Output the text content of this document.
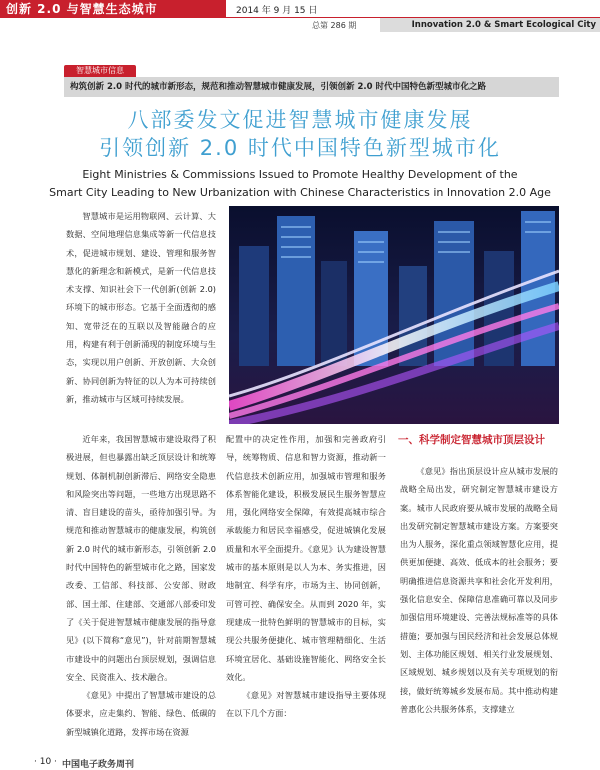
创新 2.0 与智慧生态城市	2014 年 9 月 15 日
总第 286 期	Innovation 2.0 & Smart Ecological City
智慧城市信息
构筑创新 2.0 时代的城市新形态，规范和推动智慧城市健康发展，引领创新 2.0 时代中国特色新型城市化之路
八部委发文促进智慧城市健康发展
引领创新 2.0 时代中国特色新型城市化
Eight Ministries & Commissions Issued to Promote Healthy Development of the
Smart City Leading to New Urbanization with Chinese Characteristics in Innovation 2.0 Age

智慧城市是运用物联网、云计算、大数据、空间地理信息集成等新一代信息技术，促进城市规划、建设、管理和服务智慧化的新理念和新模式，是新一代信息技术支撑、知识社会下一代创新(创新 2.0)环境下的城市形态。它基于全面透彻的感知、宽带泛在的互联以及智能融合的应用，构建有利于创新涌现的制度环境与生态，实现以用户创新、开放创新、大众创新、协同创新为特征的以人为本可持续创新，推动城市与区域可持续发展。

近年来，我国智慧城市建设取得了积极进展，但也暴露出缺乏顶层设计和统筹规划、体制机制创新滞后、网络安全隐患和风险突出等问题，一些地方出现思路不清、盲目建设的苗头，亟待加强引导。为规范和推动智慧城市的健康发展，构筑创新 2.0 时代的城市新形态，引领创新 2.0 时代中国特色的新型城市化之路，国家发改委、工信部、科技部、公安部、财政部、国土部、住建部、交通部八部委印发了《关于促进智慧城市健康发展的指导意见》(以下简称“意见”)，针对前期智慧城市建设中的问题出台顶层规划，强调信息安全、民资准入、技术融合。

《意见》中提出了智慧城市建设的总体要求，应走集约、智能、绿色、低碳的新型城镇化道路，发挥市场在资源

配置中的决定性作用，加强和完善政府引导，统筹物质、信息和智力资源，推动新一代信息技术创新应用，加强城市管理和服务体系智能化建设，积极发展民生服务智慧应用，强化网络安全保障，有效提高城市综合承载能力和居民幸福感受，促进城镇化发展质量和水平全面提升。《意见》认为建设智慧城市的基本原则是以人为本、务实推进，因地制宜、科学有序，市场为主、协同创新，可管可控、确保安全。从而到 2020 年，实现建成一批特色鲜明的智慧城市的目标，实现公共服务便捷化、城市管理精细化、生活环境宜居化、基础设施智能化、网络安全长效化。

《意见》对智慧城市建设指导主要体现在以下几个方面：

一、科学制定智慧城市顶层设计

《意见》指出顶层设计应从城市发展的战略全局出发，研究制定智慧城市建设方案。城市人民政府要从城市发展的战略全局出发研究制定智慧城市建设方案。方案要突出为人服务，深化重点领域智慧化应用，提供更加便捷、高效、低成本的社会服务；要明确推进信息资源共享和社会化开发利用，强化信息安全、保障信息准确可靠以及同步加强信用环境建设、完善法规标准等的具体措施；要加强与国民经济和社会发展总体规划、主体功能区规划、相关行业发展规划、区域规划、城乡规划以及有关专项规划的衔接，做好统筹城乡发展布局。其中推动构建普惠化公共服务体系，支撑建立

· 10 · 中国电子政务周刊
